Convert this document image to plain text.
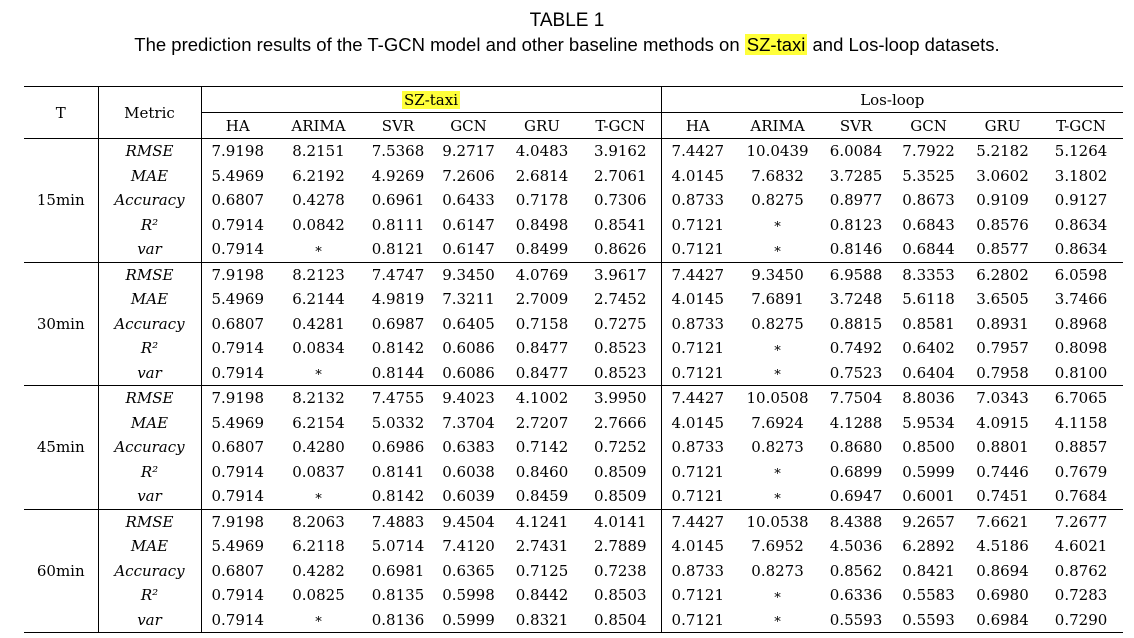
TABLE 1
The prediction results of the T-GCN model and other baseline methods on SZ-taxi and Los-loop datasets.
T	Metric	SZ-taxi						Los-loop					
		HA	ARIMA	SVR	GCN	GRU	T-GCN	HA	ARIMA	SVR	GCN	GRU	T-GCN
15min	RMSE	7.9198	8.2151	7.5368	9.2717	4.0483	3.9162	7.4427	10.0439	6.0084	7.7922	5.2182	5.1264
	MAE	5.4969	6.2192	4.9269	7.2606	2.6814	2.7061	4.0145	7.6832	3.7285	5.3525	3.0602	3.1802
	Accuracy	0.6807	0.4278	0.6961	0.6433	0.7178	0.7306	0.8733	0.8275	0.8977	0.8673	0.9109	0.9127
	R²	0.7914	0.0842	0.8111	0.6147	0.8498	0.8541	0.7121	∗	0.8123	0.6843	0.8576	0.8634
	var	0.7914	∗	0.8121	0.6147	0.8499	0.8626	0.7121	∗	0.8146	0.6844	0.8577	0.8634
30min	RMSE	7.9198	8.2123	7.4747	9.3450	4.0769	3.9617	7.4427	9.3450	6.9588	8.3353	6.2802	6.0598
	MAE	5.4969	6.2144	4.9819	7.3211	2.7009	2.7452	4.0145	7.6891	3.7248	5.6118	3.6505	3.7466
	Accuracy	0.6807	0.4281	0.6987	0.6405	0.7158	0.7275	0.8733	0.8275	0.8815	0.8581	0.8931	0.8968
	R²	0.7914	0.0834	0.8142	0.6086	0.8477	0.8523	0.7121	∗	0.7492	0.6402	0.7957	0.8098
	var	0.7914	∗	0.8144	0.6086	0.8477	0.8523	0.7121	∗	0.7523	0.6404	0.7958	0.8100
45min	RMSE	7.9198	8.2132	7.4755	9.4023	4.1002	3.9950	7.4427	10.0508	7.7504	8.8036	7.0343	6.7065
	MAE	5.4969	6.2154	5.0332	7.3704	2.7207	2.7666	4.0145	7.6924	4.1288	5.9534	4.0915	4.1158
	Accuracy	0.6807	0.4280	0.6986	0.6383	0.7142	0.7252	0.8733	0.8273	0.8680	0.8500	0.8801	0.8857
	R²	0.7914	0.0837	0.8141	0.6038	0.8460	0.8509	0.7121	∗	0.6899	0.5999	0.7446	0.7679
	var	0.7914	∗	0.8142	0.6039	0.8459	0.8509	0.7121	∗	0.6947	0.6001	0.7451	0.7684
60min	RMSE	7.9198	8.2063	7.4883	9.4504	4.1241	4.0141	7.4427	10.0538	8.4388	9.2657	7.6621	7.2677
	MAE	5.4969	6.2118	5.0714	7.4120	2.7431	2.7889	4.0145	7.6952	4.5036	6.2892	4.5186	4.6021
	Accuracy	0.6807	0.4282	0.6981	0.6365	0.7125	0.7238	0.8733	0.8273	0.8562	0.8421	0.8694	0.8762
	R²	0.7914	0.0825	0.8135	0.5998	0.8442	0.8503	0.7121	∗	0.6336	0.5583	0.6980	0.7283
	var	0.7914	∗	0.8136	0.5999	0.8321	0.8504	0.7121	∗	0.5593	0.5593	0.6984	0.7290
